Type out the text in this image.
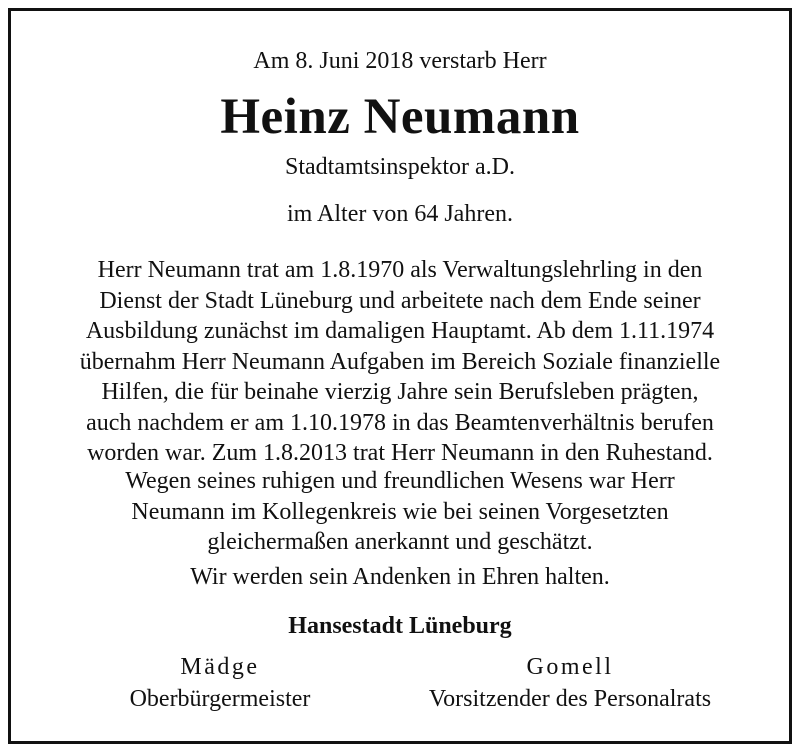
Am 8. Juni 2018 verstarb Herr
Heinz Neumann
Stadtamtsinspektor a.D.
im Alter von 64 Jahren.
Herr Neumann trat am 1.8.1970 als Verwaltungslehrling in den
Dienst der Stadt Lüneburg und arbeitete nach dem Ende seiner
Ausbildung zunächst im damaligen Hauptamt. Ab dem 1.11.1974
übernahm Herr Neumann Aufgaben im Bereich Soziale finanzielle
Hilfen, die für beinahe vierzig Jahre sein Berufsleben prägten,
auch nachdem er am 1.10.1978 in das Beamtenverhältnis berufen
worden war. Zum 1.8.2013 trat Herr Neumann in den Ruhestand.
Wegen seines ruhigen und freundlichen Wesens war Herr
Neumann im Kollegenkreis wie bei seinen Vorgesetzten
gleichermaßen anerkannt und geschätzt.
Wir werden sein Andenken in Ehren halten.
Hansestadt Lüneburg
Mädge
Oberbürgermeister
Gomell
Vorsitzender des Personalrats
